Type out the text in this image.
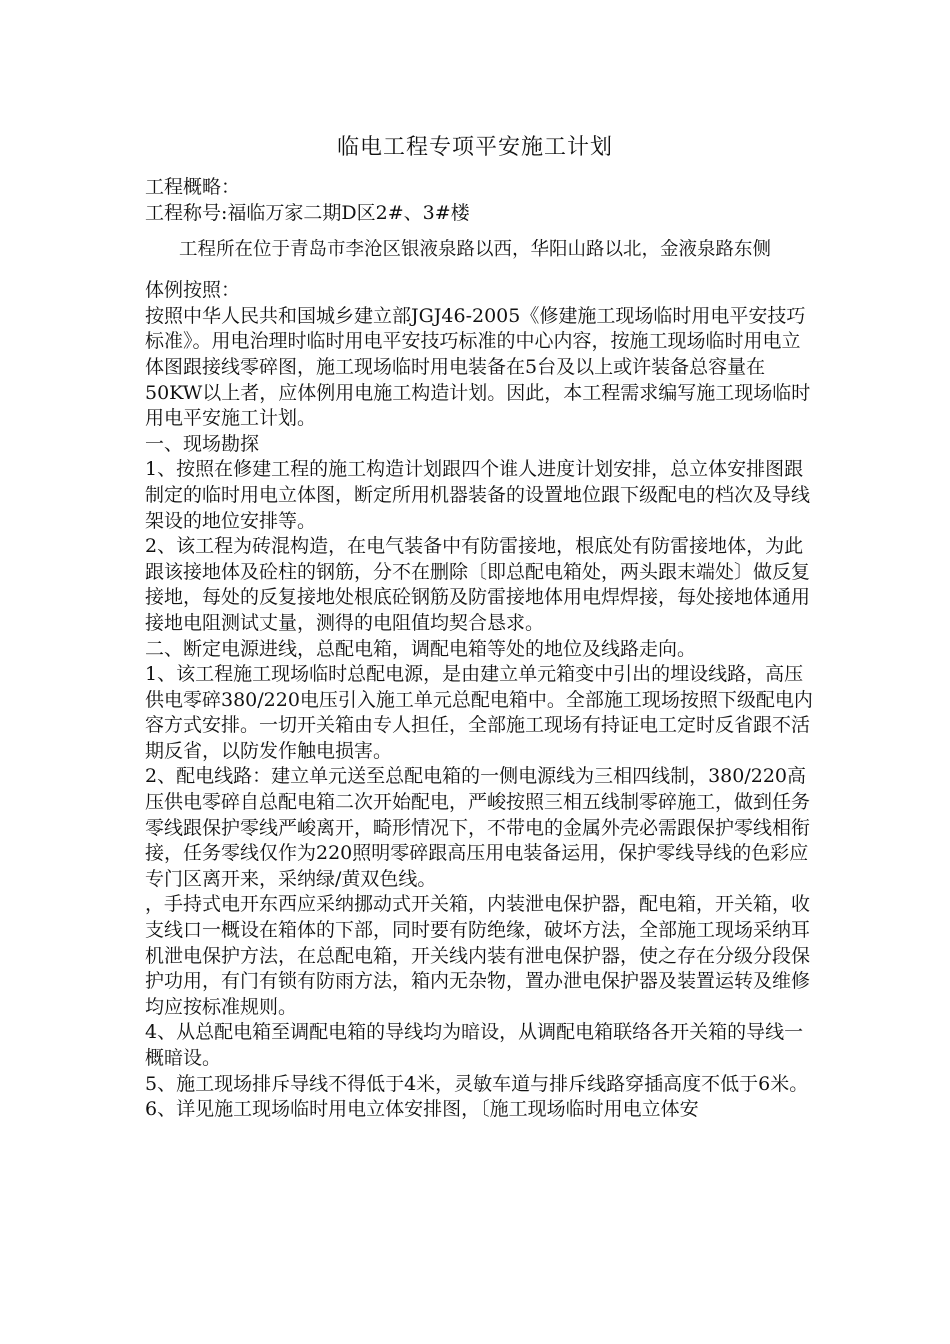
临电工程专项平安施工计划

工程概略：

工程称号:福临万家二期D区2#、3#楼

工程所在位于青岛市李沧区银液泉路以西，华阳山路以北，金液泉路东侧

体例按照：

按照中华人民共和国城乡建立部JGJ46-2005《修建施工现场临时用电平安技巧标准》。用电治理时临时用电平安技巧标准的中心内容，按施工现场临时用电立体图跟接线零碎图，施工现场临时用电装备在5台及以上或许装备总容量在50KW以上者，应体例用电施工构造计划。因此，本工程需求编写施工现场临时用电平安施工计划。

一、现场勘探

1、按照在修建工程的施工构造计划跟四个谁人进度计划安排，总立体安排图跟制定的临时用电立体图，断定所用机器装备的设置地位跟下级配电的档次及导线架设的地位安排等。

2、该工程为砖混构造，在电气装备中有防雷接地，根底处有防雷接地体，为此跟该接地体及砼柱的钢筋，分不在删除〔即总配电箱处，两头跟末端处〕做反复接地，每处的反复接地处根底砼钢筋及防雷接地体用电焊焊接，每处接地体通用接地电阻测试丈量，测得的电阻值均契合恳求。

二、断定电源进线，总配电箱，调配电箱等处的地位及线路走向。

1、该工程施工现场临时总配电源，是由建立单元箱变中引出的埋设线路，高压供电零碎380/220电压引入施工单元总配电箱中。全部施工现场按照下级配电内容方式安排。一切开关箱由专人担任，全部施工现场有持证电工定时反省跟不活期反省，以防发作触电损害。

2、配电线路：建立单元送至总配电箱的一侧电源线为三相四线制，380/220高压供电零碎自总配电箱二次开始配电，严峻按照三相五线制零碎施工，做到任务零线跟保护零线严峻离开，畸形情况下，不带电的金属外壳必需跟保护零线相衔接，任务零线仅作为220照明零碎跟高压用电装备运用，保护零线导线的色彩应专门区离开来，采纳绿/黄双色线。

，手持式电开东西应采纳挪动式开关箱，内装泄电保护器，配电箱，开关箱，收支线口一概设在箱体的下部，同时要有防绝缘，破坏方法，全部施工现场采纳耳机泄电保护方法，在总配电箱，开关线内装有泄电保护器，使之存在分级分段保护功用，有门有锁有防雨方法，箱内无杂物，置办泄电保护器及装置运转及维修均应按标准规则。

4、从总配电箱至调配电箱的导线均为暗设，从调配电箱联络各开关箱的导线一概暗设。

5、施工现场排斥导线不得低于4米，灵敏车道与排斥线路穿插高度不低于6米。

6、详见施工现场临时用电立体安排图，〔施工现场临时用电立体安
